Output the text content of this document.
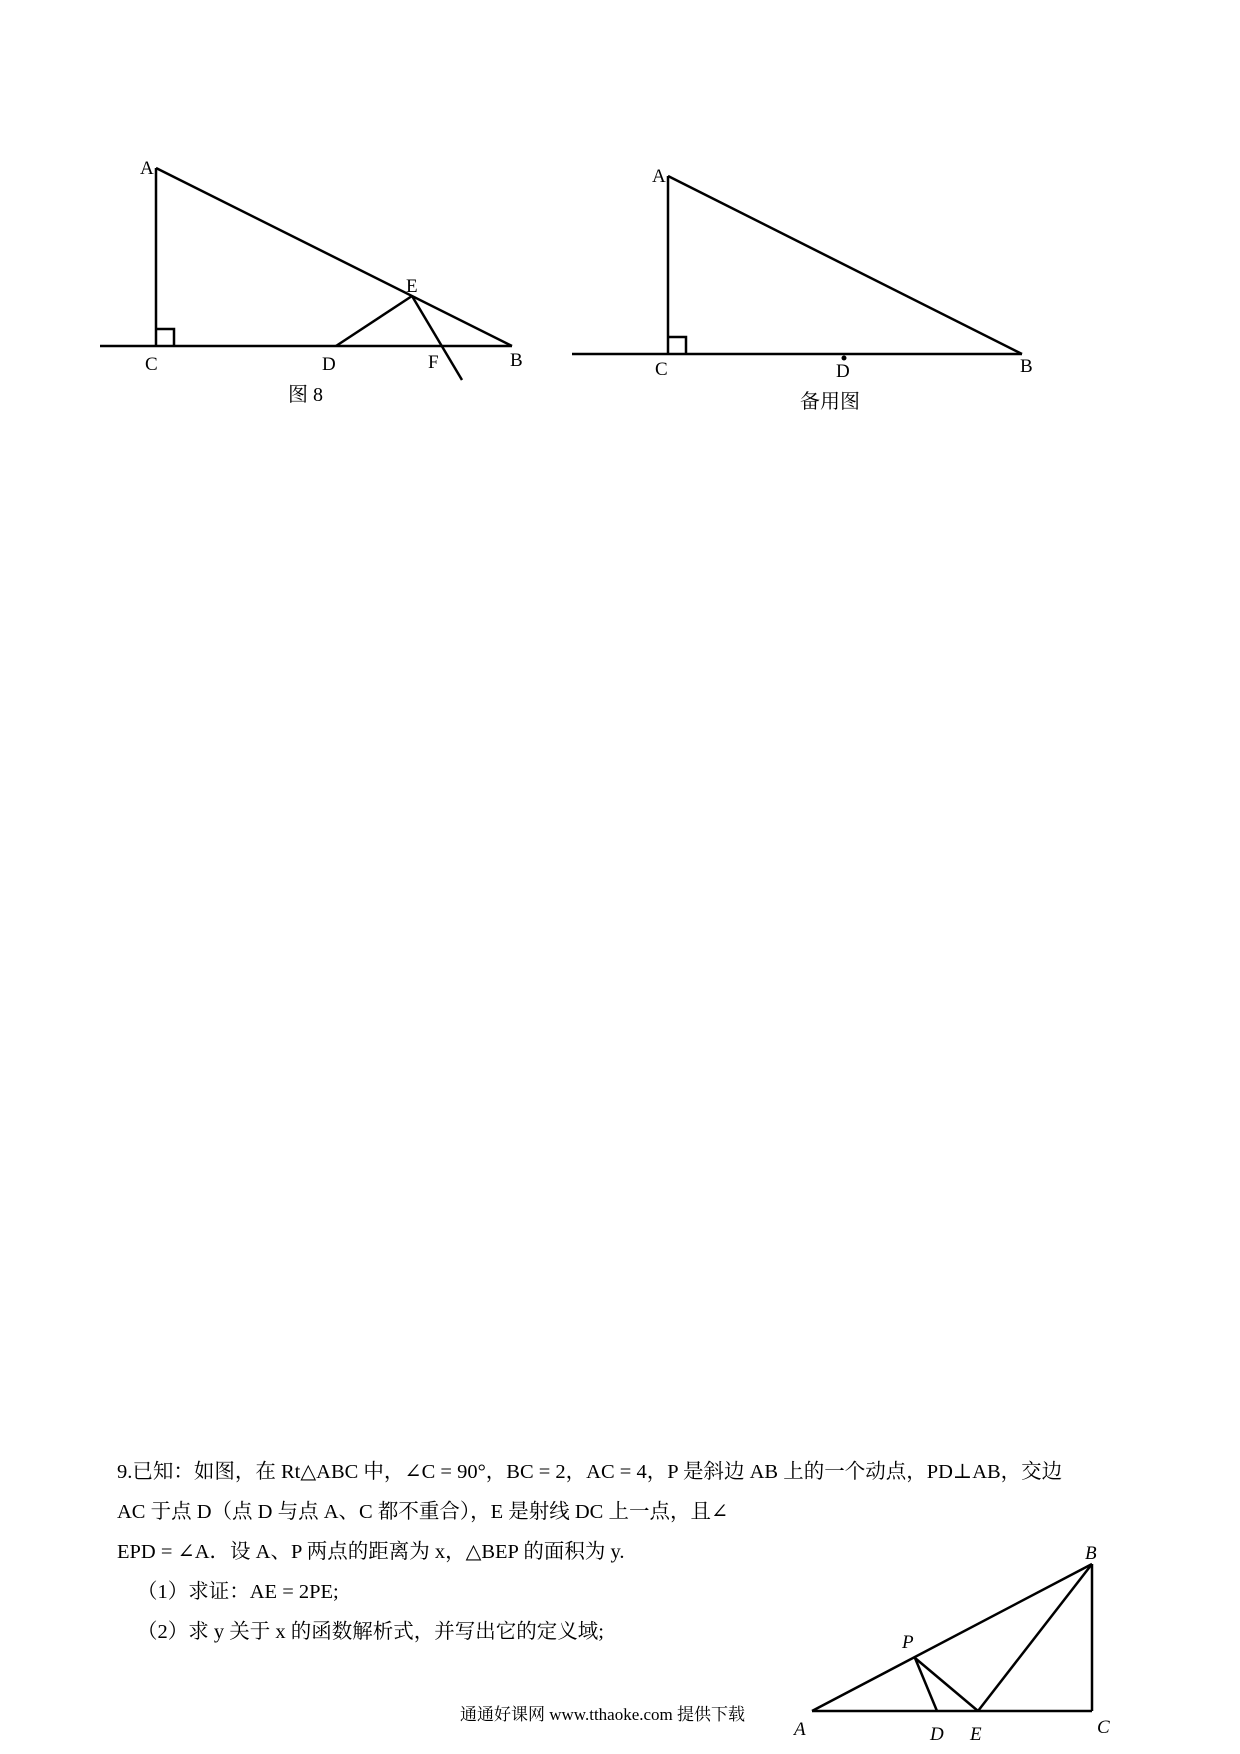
A
C	D
E
F	B
A
C	D	B
A
B
C
D E
P
图 8	备用图

9.已知：如图，在 Rt△ABC 中，∠C = 90°，BC = 2，AC = 4，P 是斜边 AB 上的一个动点，PD⊥AB，交边

AC 于点 D（点 D 与点 A、C 都不重合），E 是射线 DC 上一点，且∠

EPD = ∠A．设 A、P 两点的距离为 x，△BEP 的面积为 y.

（1）求证：AE = 2PE;

（2）求 y 关于 x 的函数解析式，并写出它的定义域;

通通好课网 www.tthaoke.com 提供下载
